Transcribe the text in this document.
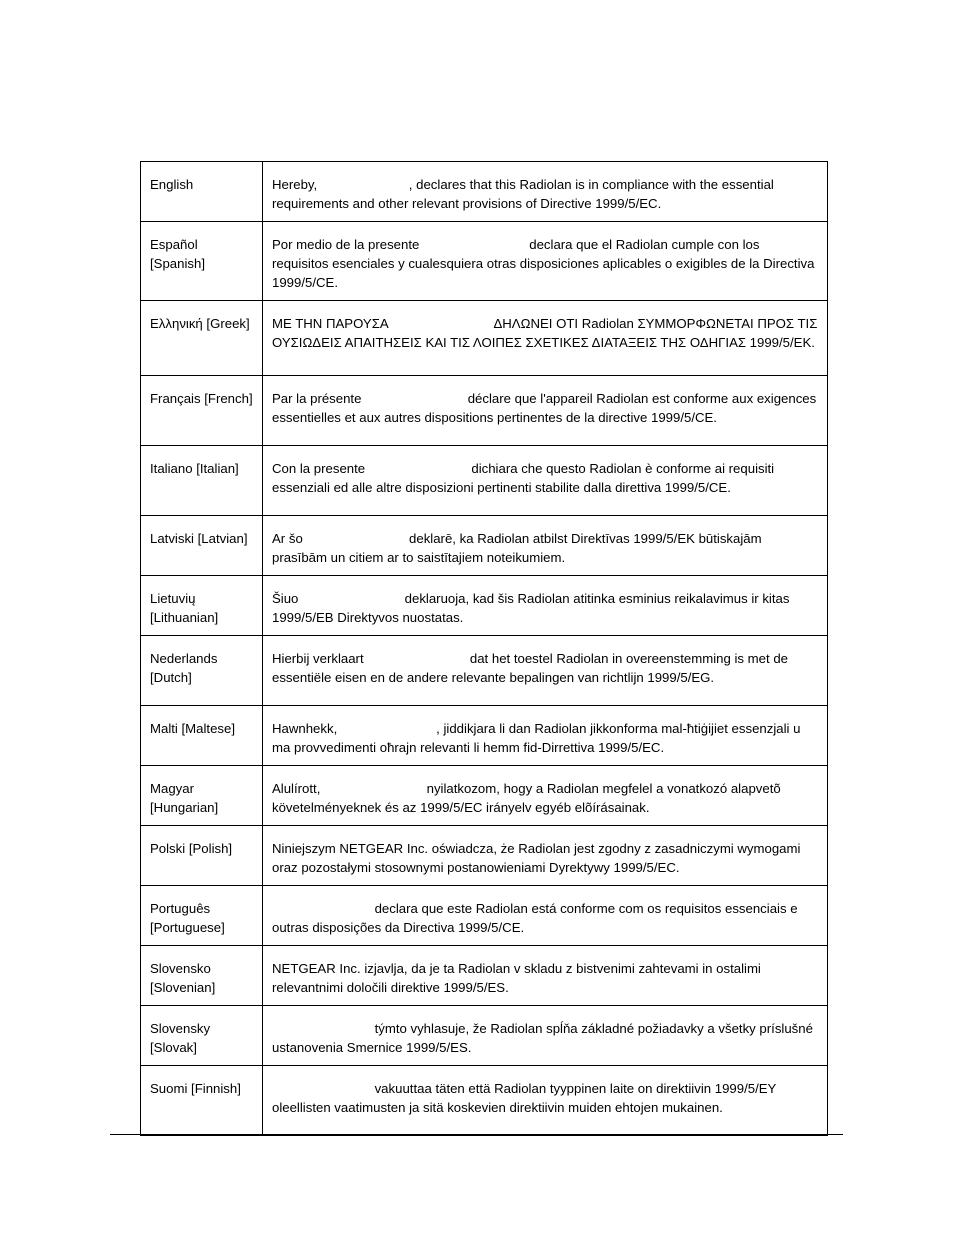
English	Hereby,                         , declares that this Radiolan is in compliance with the essential requirements and other relevant provisions of Directive 1999/5/EC.
Español [Spanish]	Por medio de la presente                              declara que el Radiolan cumple con los requisitos esenciales y cualesquiera otras disposiciones aplicables o exigibles de la Directiva 1999/5/CE.
Ελληνική [Greek]	ΜΕ ΤΗΝ ΠΑΡΟΥΣΑ                             ΔΗΛΩΝΕΙ ΟΤΙ Radiolan ΣΥΜΜΟΡΦΩΝΕΤΑΙ ΠΡΟΣ ΤΙΣ ΟΥΣΙΩΔΕΙΣ ΑΠΑΙΤΗΣΕΙΣ ΚΑΙ ΤΙΣ ΛΟΙΠΕΣ ΣΧΕΤΙΚΕΣ ΔΙΑΤΑΞΕΙΣ ΤΗΣ ΟΔΗΓΙΑΣ 1999/5/ΕΚ.
Français [French]	Par la présente                             déclare que l'appareil Radiolan est conforme aux exigences essentielles et aux autres dispositions pertinentes de la directive 1999/5/CE.
Italiano [Italian]	Con la presente                             dichiara che questo Radiolan è conforme ai requisiti essenziali ed alle altre disposizioni pertinenti stabilite dalla direttiva 1999/5/CE.
Latviski [Latvian]	Ar šo                             deklarē, ka Radiolan atbilst Direktīvas 1999/5/EK būtiskajām prasībām un citiem ar to saistītajiem noteikumiem.
Lietuvių [Lithuanian]	Šiuo                             deklaruoja, kad šis Radiolan atitinka esminius reikalavimus ir kitas 1999/5/EB Direktyvos nuostatas.
Nederlands [Dutch]	Hierbij verklaart                             dat het toestel Radiolan in overeenstemming is met de essentiële eisen en de andere relevante bepalingen van richtlijn 1999/5/EG.
Malti [Maltese]	Hawnhekk,                           , jiddikjara li dan Radiolan jikkonforma mal-ħtiġijiet essenzjali u ma provvedimenti oħrajn relevanti li hemm fid-Dirrettiva 1999/5/EC.
Magyar [Hungarian]	Alulírott,                             nyilatkozom, hogy a Radiolan megfelel a vonatkozó alapvetõ követelményeknek és az 1999/5/EC irányelv egyéb elõírásainak.
Polski [Polish]	Niniejszym NETGEAR Inc. oświadcza, że Radiolan jest zgodny z zasadniczymi wymogami oraz pozostałymi stosownymi postanowieniami Dyrektywy 1999/5/EC.
Português [Portuguese]	declara que este Radiolan está conforme com os requisitos essenciais e outras disposições da Directiva 1999/5/CE.
Slovensko [Slovenian]	NETGEAR Inc. izjavlja, da je ta Radiolan v skladu z bistvenimi zahtevami in ostalimi relevantnimi določili direktive 1999/5/ES.
Slovensky [Slovak]	týmto vyhlasuje, že Radiolan spĺňa základné požiadavky a všetky príslušné ustanovenia Smernice 1999/5/ES.
Suomi [Finnish]	vakuuttaa täten että Radiolan tyyppinen laite on direktiivin 1999/5/EY oleellisten vaatimusten ja sitä koskevien direktiivin muiden ehtojen mukainen.
